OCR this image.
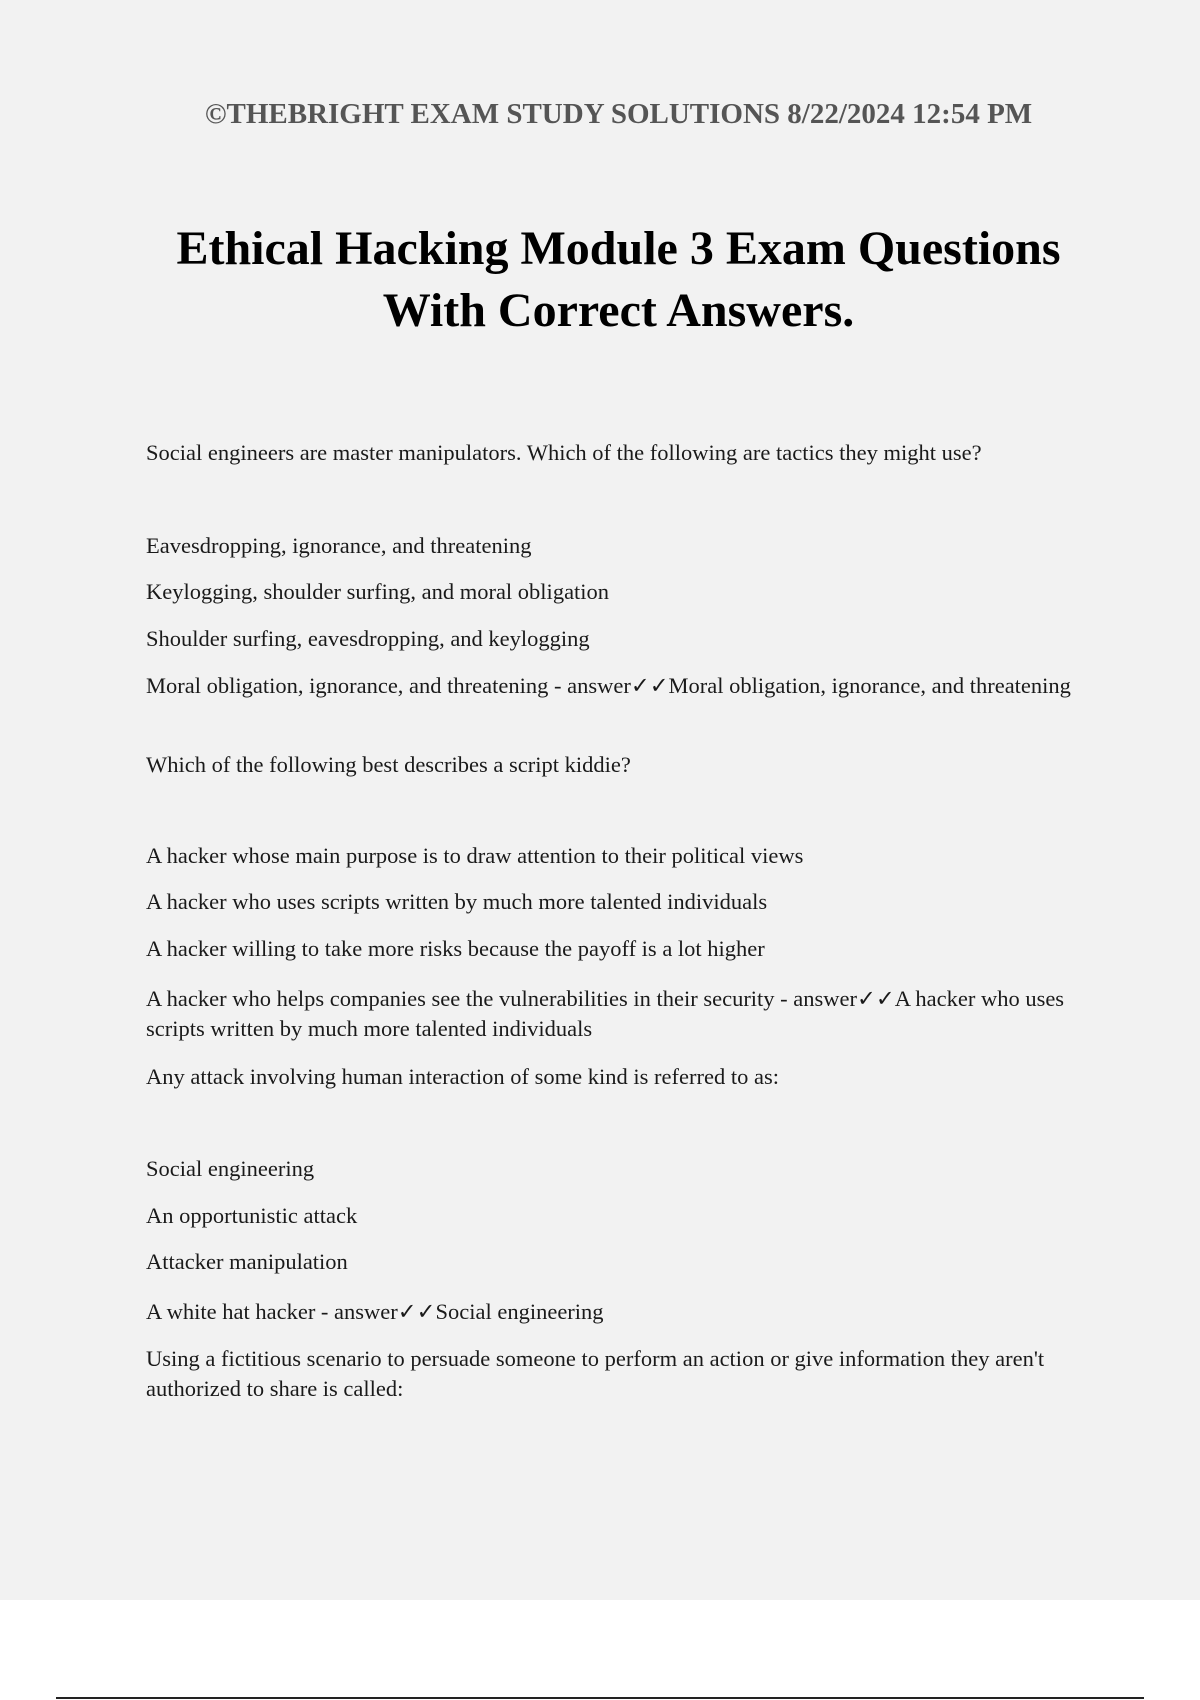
©THEBRIGHT EXAM STUDY SOLUTIONS 8/22/2024 12:54 PM
Ethical Hacking Module 3 Exam Questions
With Correct Answers.
Social engineers are master manipulators. Which of the following are tactics they might use?
Eavesdropping, ignorance, and threatening
Keylogging, shoulder surfing, and moral obligation
Shoulder surfing, eavesdropping, and keylogging
Moral obligation, ignorance, and threatening - answer✓✓Moral obligation, ignorance, and threatening
Which of the following best describes a script kiddie?
A hacker whose main purpose is to draw attention to their political views
A hacker who uses scripts written by much more talented individuals
A hacker willing to take more risks because the payoff is a lot higher
A hacker who helps companies see the vulnerabilities in their security - answer✓✓A hacker who uses scripts written by much more talented individuals
Any attack involving human interaction of some kind is referred to as:
Social engineering
An opportunistic attack
Attacker manipulation
A white hat hacker - answer✓✓Social engineering
Using a fictitious scenario to persuade someone to perform an action or give information they aren't authorized to share is called:
